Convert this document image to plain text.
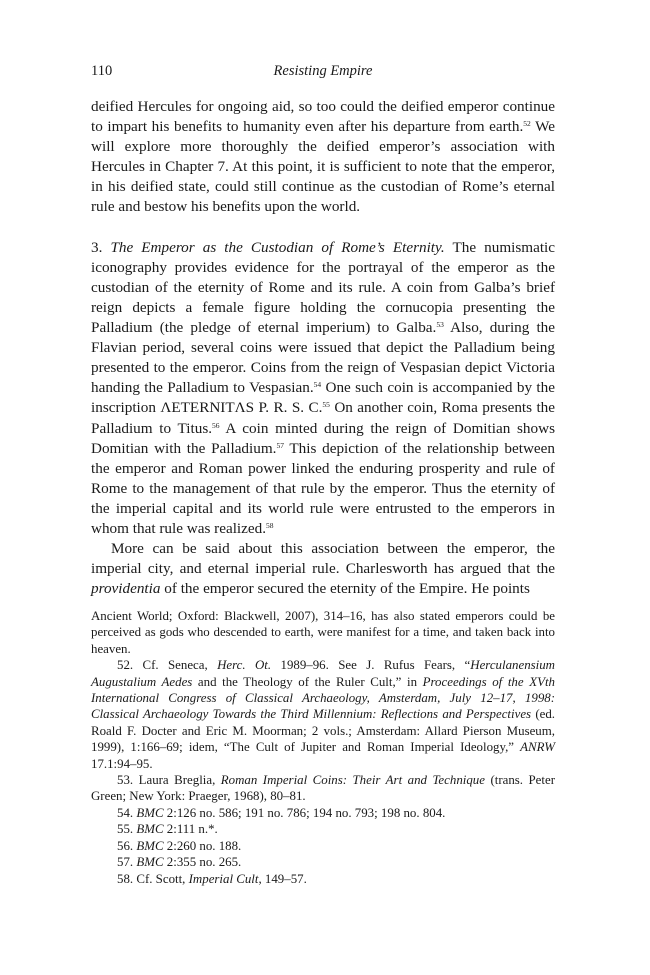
110	Resisting Empire

deified Hercules for ongoing aid, so too could the deified emperor continue to impart his benefits to humanity even after his departure from earth.$^{52}$ We will explore more thoroughly the deified emperor’s association with Hercules in Chapter 7. At this point, it is sufficient to note that the emperor, in his deified state, could still continue as the custodian of Rome’s eternal rule and bestow his benefits upon the world.

3. The Emperor as the Custodian of Rome’s Eternity. The numismatic iconography provides evidence for the portrayal of the emperor as the custodian of the eternity of Rome and its rule. A coin from Galba’s brief reign depicts a female figure holding the cornucopia presenting the Palladium (the pledge of eternal imperium) to Galba.$^{53}$ Also, during the Flavian period, several coins were issued that depict the Palladium being presented to the emperor. Coins from the reign of Vespasian depict Victoria handing the Palladium to Vespasian.$^{54}$ One such coin is accompanied by the inscription ΛETERNITΛS P. R. S. C.$^{55}$ On another coin, Roma presents the Palladium to Titus.$^{56}$ A coin minted during the reign of Domitian shows Domitian with the Palladium.$^{57}$ This depiction of the relationship between the emperor and Roman power linked the enduring prosperity and rule of Rome to the management of that rule by the emperor. Thus the eternity of the imperial capital and its world rule were entrusted to the emperors in whom that rule was realized.$^{58}$

More can be said about this association between the emperor, the imperial city, and eternal imperial rule. Charlesworth has argued that the providentia of the emperor secured the eternity of the Empire. He points

Ancient World; Oxford: Blackwell, 2007), 314–16, has also stated emperors could be perceived as gods who descended to earth, were manifest for a time, and taken back into heaven.

52. Cf. Seneca, Herc. Ot. 1989–96. See J. Rufus Fears, “Herculanensium Augustalium Aedes and the Theology of the Ruler Cult,” in Proceedings of the XVth International Congress of Classical Archaeology, Amsterdam, July 12–17, 1998: Classical Archaeology Towards the Third Millennium: Reflections and Perspectives (ed. Roald F. Docter and Eric M. Moorman; 2 vols.; Amsterdam: Allard Pierson Museum, 1999), 1:166–69; idem, “The Cult of Jupiter and Roman Imperial Ideology,” ANRW 17.1:94–95.

53. Laura Breglia, Roman Imperial Coins: Their Art and Technique (trans. Peter Green; New York: Praeger, 1968), 80–81.

54. BMC 2:126 no. 586; 191 no. 786; 194 no. 793; 198 no. 804.

55. BMC 2:111 n.*.

56. BMC 2:260 no. 188.

57. BMC 2:355 no. 265.

58. Cf. Scott, Imperial Cult, 149–57.
